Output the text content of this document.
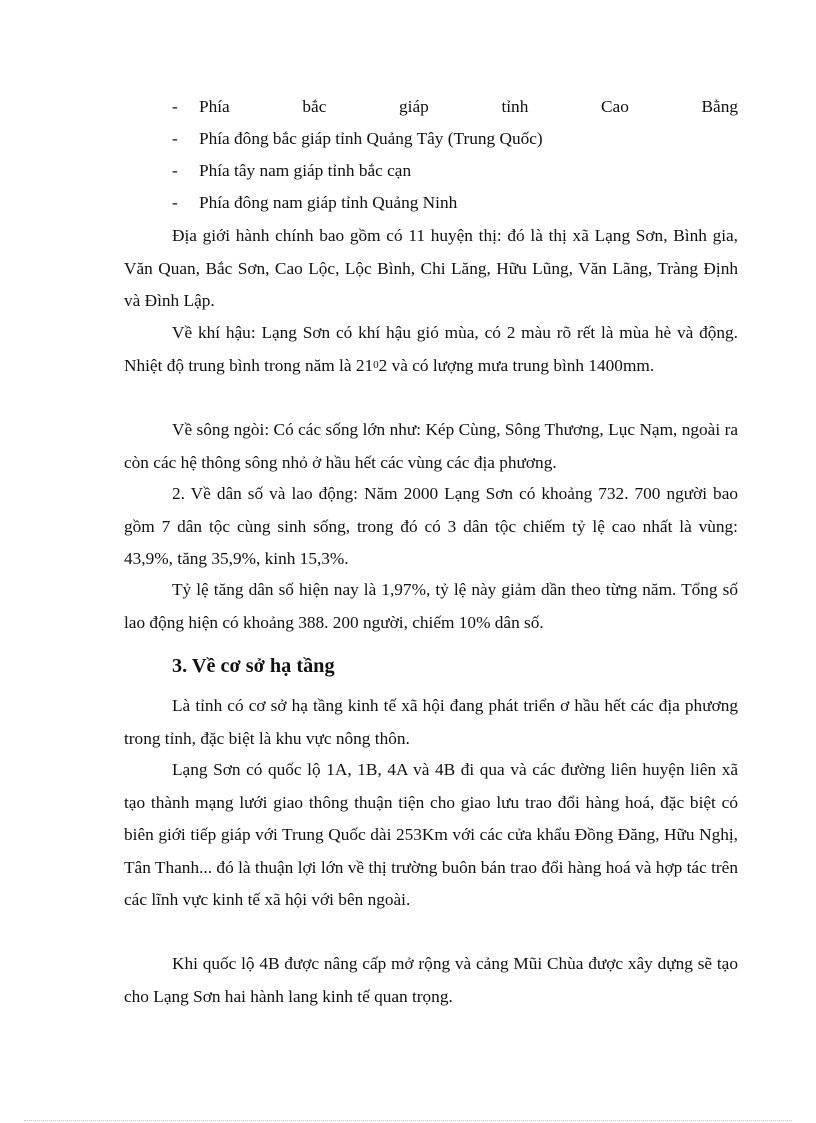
-	Phía	bắc	giáp	tỉnh	Cao	Bằng
-	Phía đông bắc giáp tỉnh Quảng Tây (Trung Quốc)
-	Phía tây nam giáp tỉnh bắc cạn
-	Phía đông nam giáp tỉnh Quảng Ninh

Địa giới hành chính bao gồm có 11 huyện thị: đó là thị xã Lạng Sơn, Bình gia, Văn Quan, Bắc Sơn, Cao Lộc, Lộc Bình, Chi Lăng, Hữu Lũng, Văn Lãng, Tràng Định và Đình Lập.

Về khí hậu: Lạng Sơn có khí hậu gió mùa, có 2 màu rõ rết là mùa hè và động. Nhiệt độ trung bình trong năm là $21^02$ và có lượng mưa trung bình 1400mm.

Về sông ngòi: Có các sống lớn như: Kép Cùng, Sông Thương, Lục Nạm, ngoài ra còn các hệ thông sông nhỏ ở hầu hết các vùng các địa phương.

2. Về dân số và lao động: Năm 2000 Lạng Sơn có khoảng 732. 700 người bao gồm 7 dân tộc cùng sinh sống, trong đó có 3 dân tộc chiếm tỷ lệ cao nhất là vùng: 43,9%, tăng 35,9%, kinh 15,3%.

Tỷ lệ tăng dân số hiện nay là 1,97%, tỷ lệ này giảm dần theo từng năm. Tổng số lao động hiện có khoảng 388. 200 người, chiếm 10% dân số.

3. Về cơ sở hạ tầng

Là tỉnh có cơ sở hạ tầng kinh tế xã hội đang phát triển ơ hầu hết các địa phương trong tỉnh, đặc biệt là khu vực nông thôn.

Lạng Sơn có quốc lộ 1A, 1B, 4A và 4B đi qua và các đường liên huyện liên xã tạo thành mạng lưới giao thông thuận tiện cho giao lưu trao đổi hàng hoá, đặc biệt có biên giới tiếp giáp với Trung Quốc dài 253Km với các cửa khẩu Đồng Đăng, Hữu Nghị, Tân Thanh... đó là thuận lợi lớn về thị trường buôn bán trao đổi hàng hoá và hợp tác trên các lĩnh vực kinh tế xã hội với bên ngoài.

Khi quốc lộ 4B được nâng cấp mở rộng và cảng Mũi Chùa được xây dựng sẽ tạo cho Lạng Sơn hai hành lang kinh tế quan trọng.
